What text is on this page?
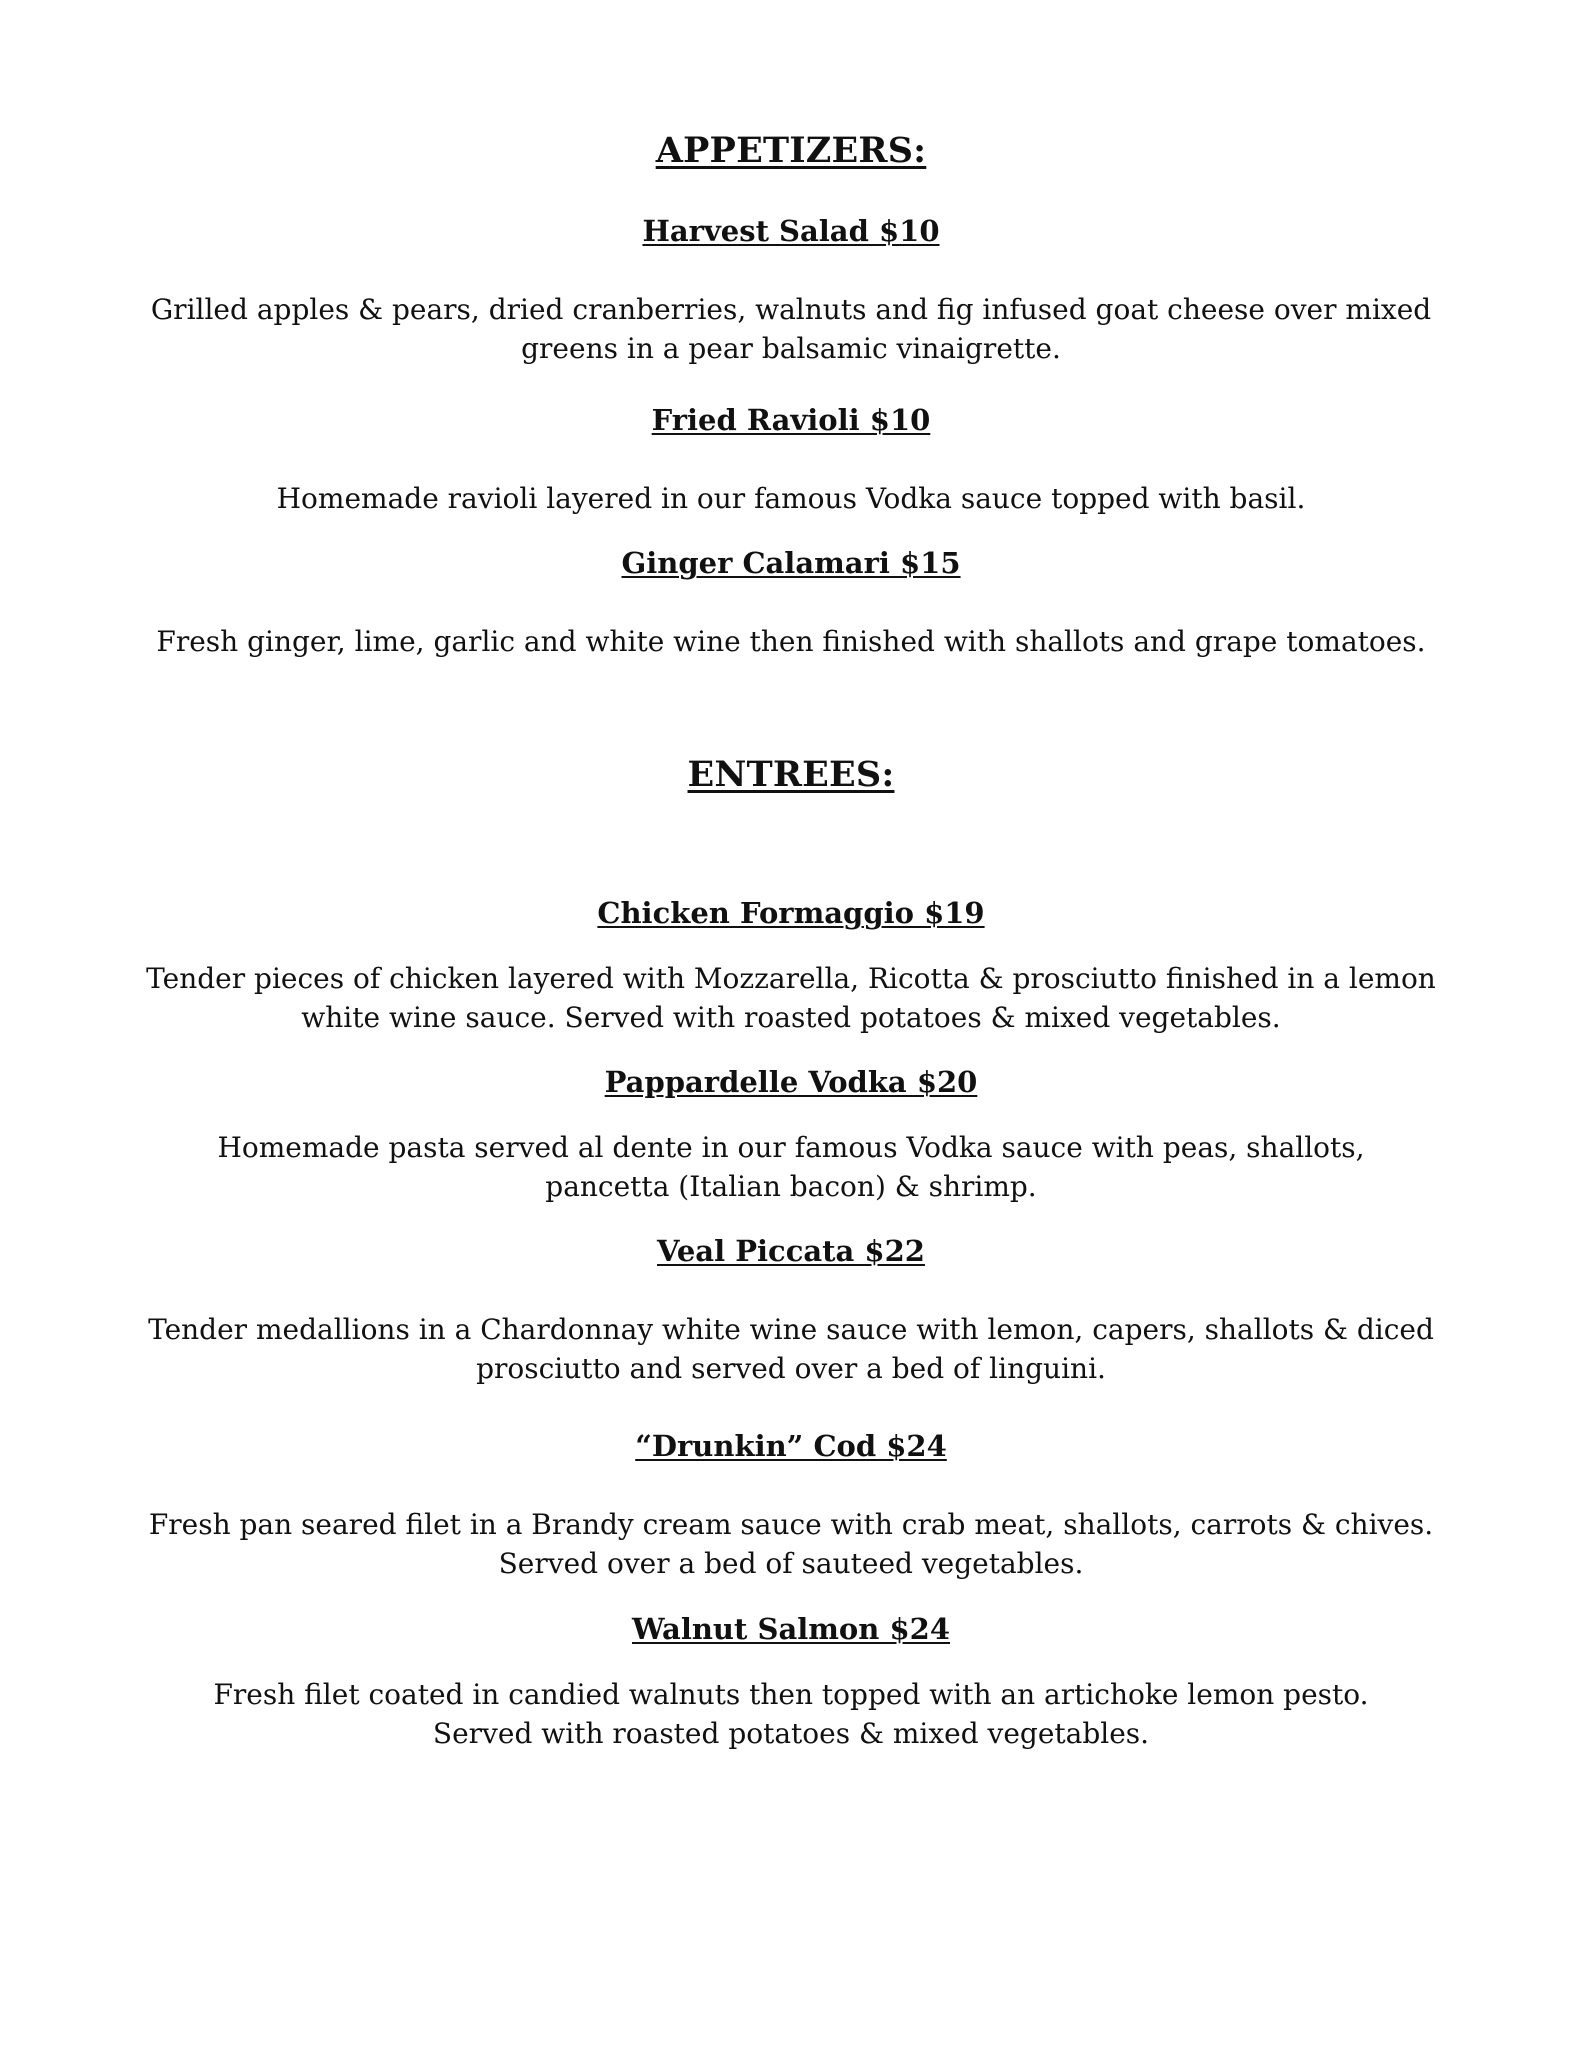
APPETIZERS:
Harvest Salad $10
Grilled apples & pears, dried cranberries, walnuts and fig infused goat cheese over mixed
greens in a pear balsamic vinaigrette.
Fried Ravioli $10
Homemade ravioli layered in our famous Vodka sauce topped with basil.
Ginger Calamari $15
Fresh ginger, lime, garlic and white wine then finished with shallots and grape tomatoes.
ENTREES:
Chicken Formaggio $19
Tender pieces of chicken layered with Mozzarella, Ricotta & prosciutto finished in a lemon
white wine sauce. Served with roasted potatoes & mixed vegetables.
Pappardelle Vodka $20
Homemade pasta served al dente in our famous Vodka sauce with peas, shallots,
pancetta (Italian bacon) & shrimp.
Veal Piccata $22
Tender medallions in a Chardonnay white wine sauce with lemon, capers, shallots & diced
prosciutto and served over a bed of linguini.
“Drunkin” Cod $24
Fresh pan seared filet in a Brandy cream sauce with crab meat, shallots, carrots & chives.
Served over a bed of sauteed vegetables.
Walnut Salmon $24
Fresh filet coated in candied walnuts then topped with an artichoke lemon pesto.
Served with roasted potatoes & mixed vegetables.
